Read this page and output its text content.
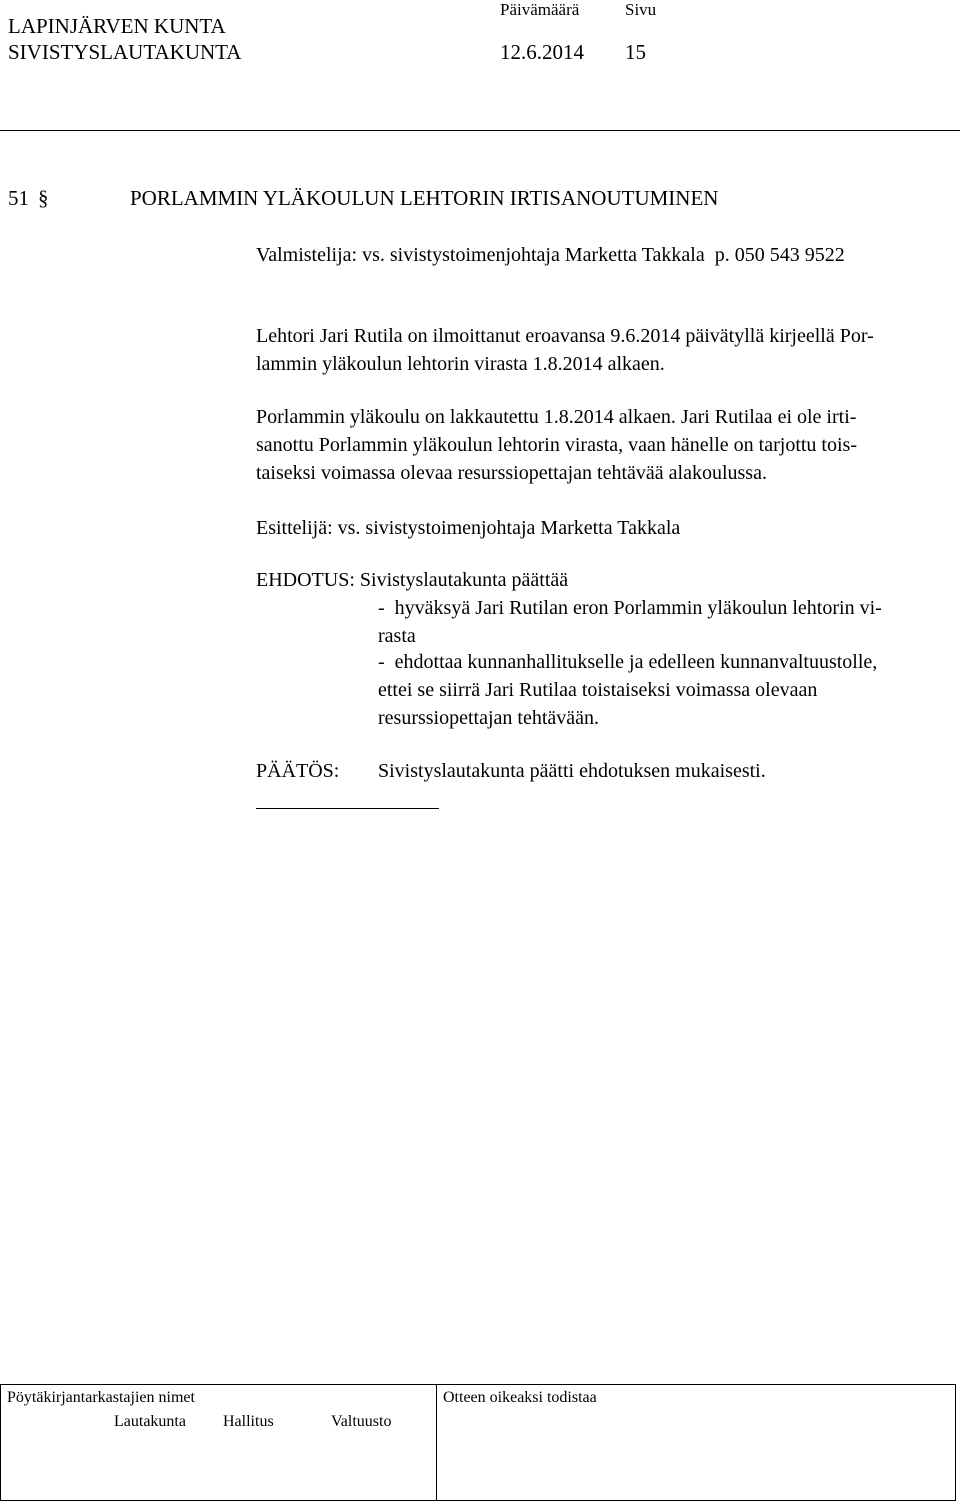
LAPINJÄRVEN KUNTA
Päivämäärä	Sivu
SIVISTYSLAUTAKUNTA	12.6.2014 15
51 §	PORLAMMIN YLÄKOULUN LEHTORIN IRTISANOUTUMINEN
Valmistelija: vs. sivistystoimenjohtaja Marketta Takkala  p. 050 543 9522
Lehtori Jari Rutila on ilmoittanut eroavansa 9.6.2014 päivätyllä kirjeellä Por-
lammin yläkoulun lehtorin virasta 1.8.2014 alkaen.
Porlammin yläkoulu on lakkautettu 1.8.2014 alkaen. Jari Rutilaa ei ole irti-
sanottu Porlammin yläkoulun lehtorin virasta, vaan hänelle on tarjottu tois-
taiseksi voimassa olevaa resurssiopettajan tehtävää alakoulussa.
Esittelijä: vs. sivistystoimenjohtaja Marketta Takkala
EHDOTUS: Sivistyslautakunta päättää
-  hyväksyä Jari Rutilan eron Porlammin yläkoulun lehtorin vi-
rasta
-  ehdottaa kunnanhallitukselle ja edelleen kunnanvaltuustolle,
ettei se siirrä Jari Rutilaa toistaiseksi voimassa olevaan
resurssiopettajan tehtävään.
PÄÄTÖS: Sivistyslautakunta päätti ehdotuksen mukaisesti.
Pöytäkirjantarkastajien nimet	Otteen oikeaksi todistaa
Lautakunta Hallitus	Valtuusto
